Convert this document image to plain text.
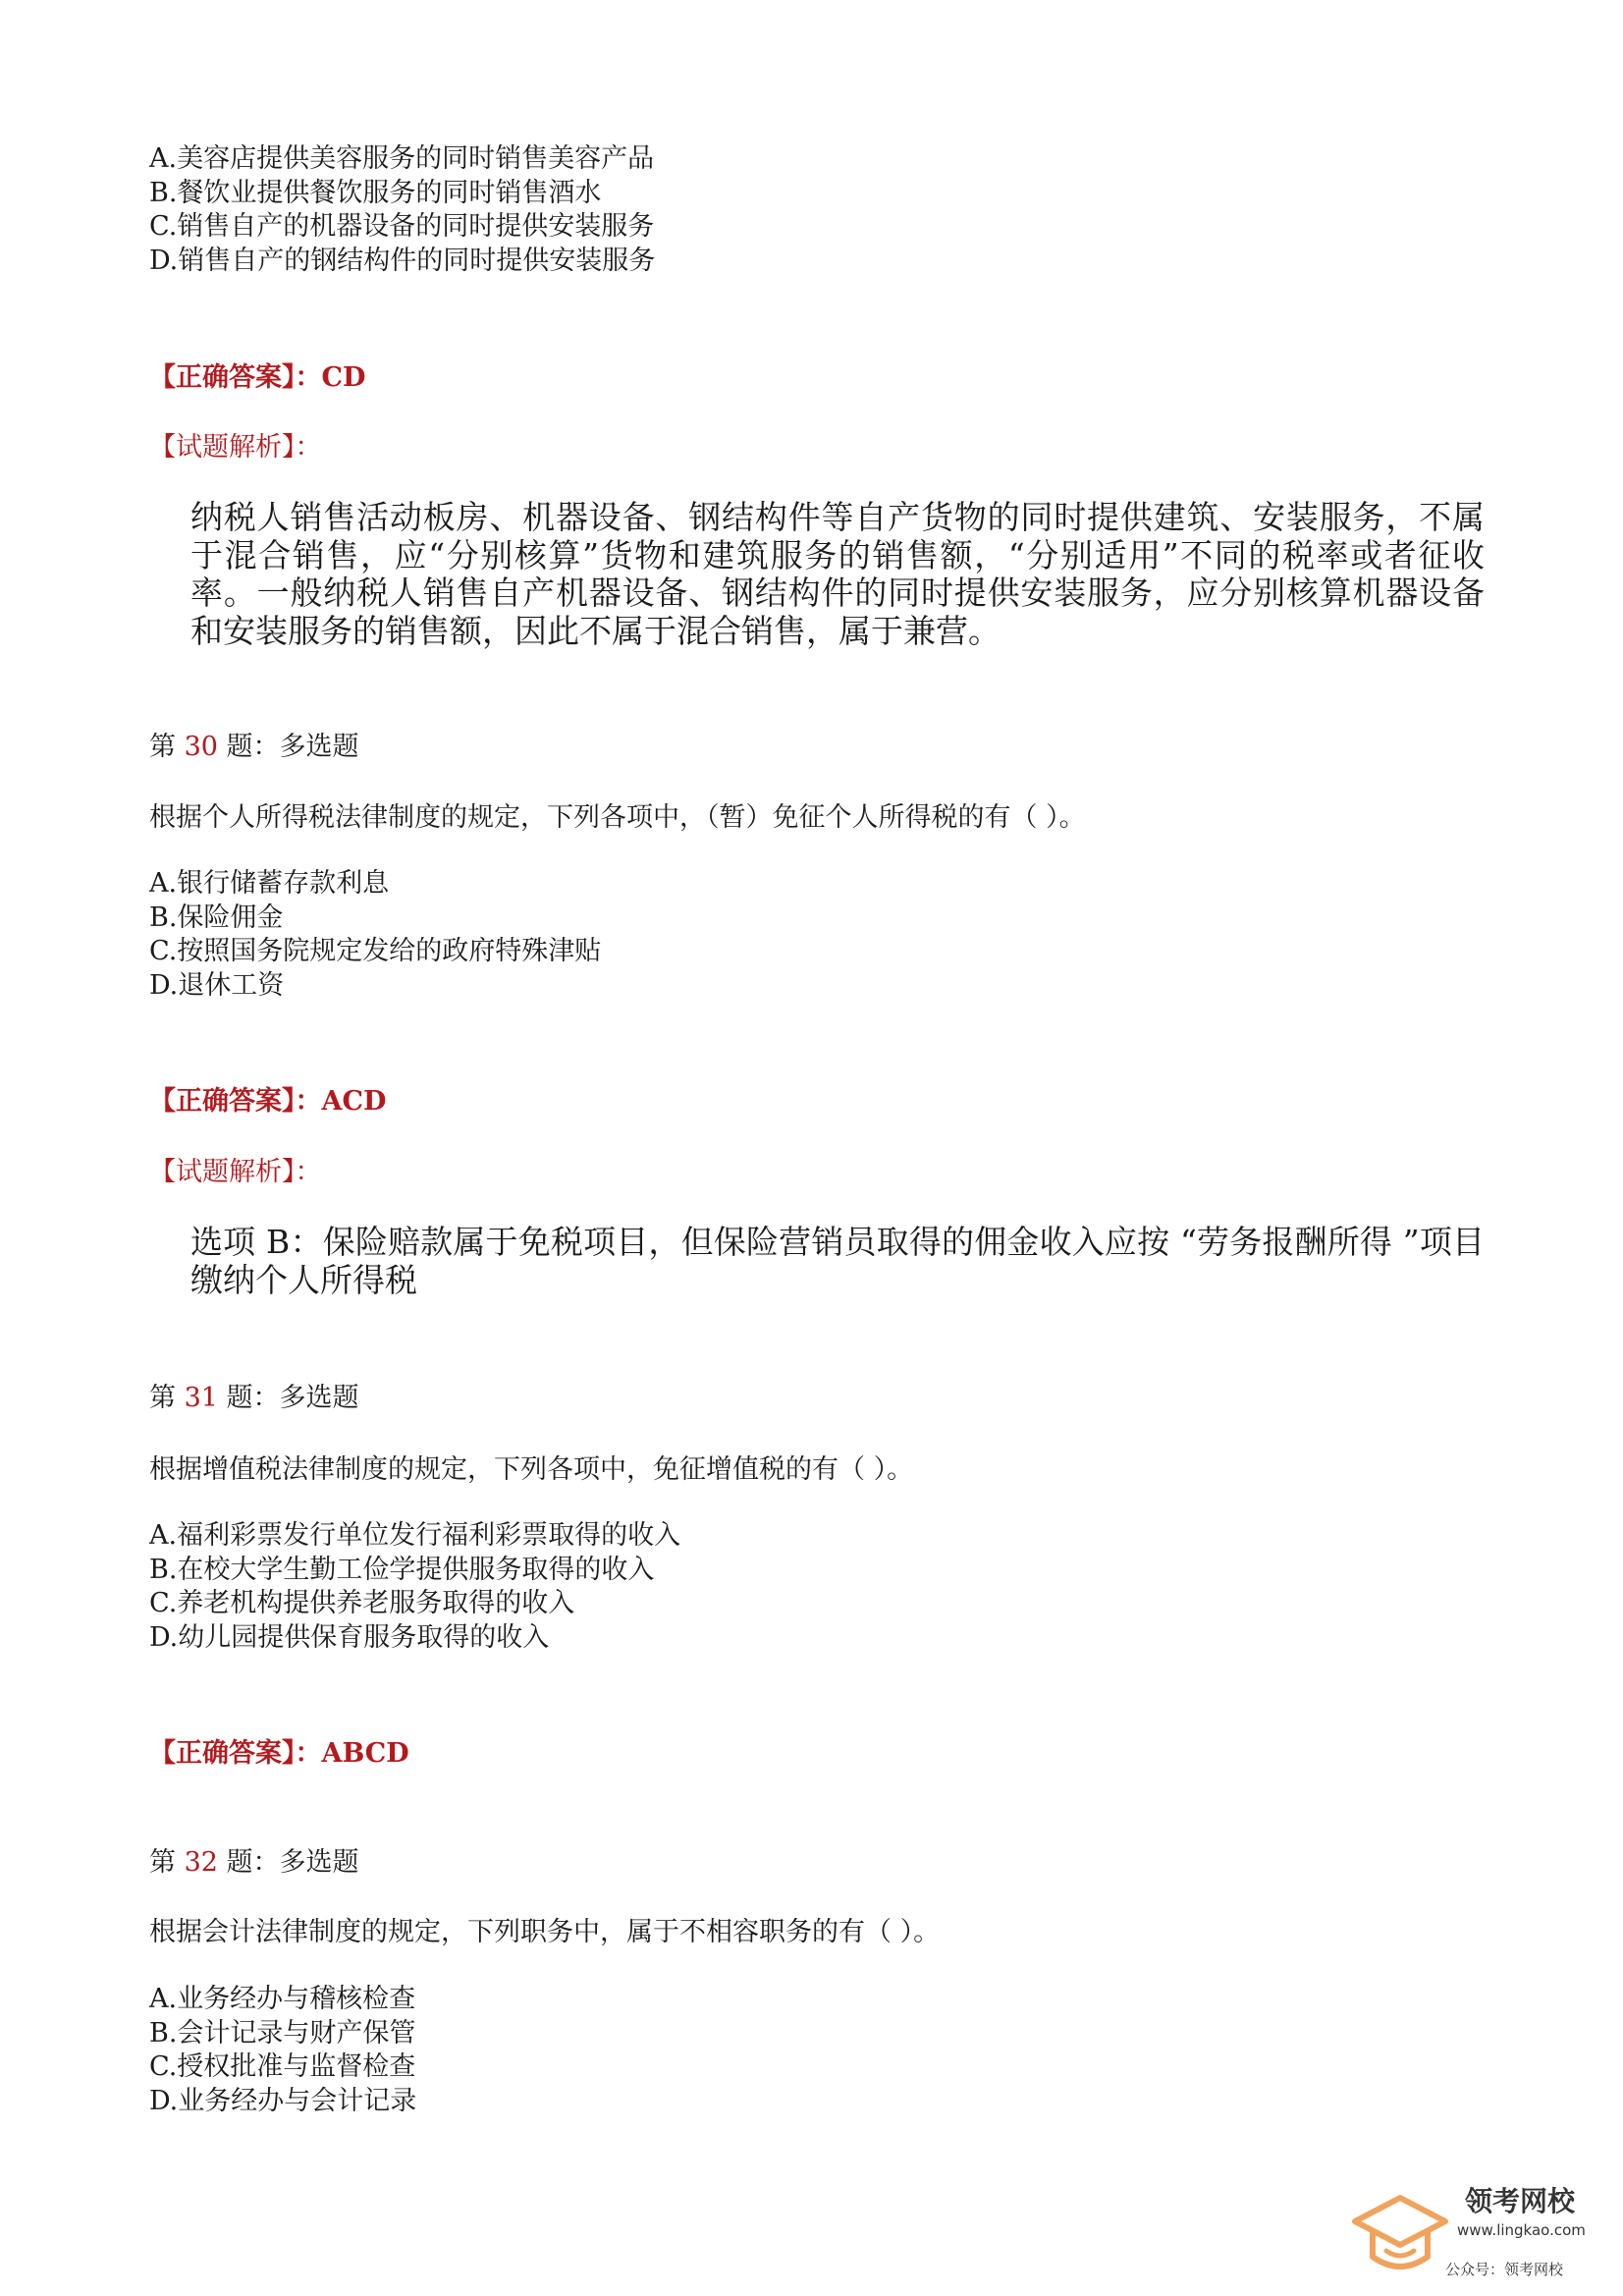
A.美容店提供美容服务的同时销售美容产品
B.餐饮业提供餐饮服务的同时销售酒水
C.销售自产的机器设备的同时提供安装服务
D.销售自产的钢结构件的同时提供安装服务

【正确答案】：CD

【试题解析】：

纳税人销售活动板房、机器设备、钢结构件等自产货物的同时提供建筑、安装服务，不属于混合销售，应“分别核算”货物和建筑服务的销售额，“分别适用”不同的税率或者征收率。一般纳税人销售自产机器设备、钢结构件的同时提供安装服务，应分别核算机器设备和安装服务的销售额，因此不属于混合销售，属于兼营。
第 30 题：多选题
根据个人所得税法律制度的规定，下列各项中，（暂）免征个人所得税的有（ ）。
A.银行储蓄存款利息
B.保险佣金
C.按照国务院规定发给的政府特殊津贴
D.退休工资

【正确答案】：ACD

【试题解析】：

选项 B：保险赔款属于免税项目，但保险营销员取得的佣金收入应按 “劳务报酬所得 ”项目缴纳个人所得税
第 31 题：多选题
根据增值税法律制度的规定，下列各项中，免征增值税的有（ ）。
A.福利彩票发行单位发行福利彩票取得的收入
B.在校大学生勤工俭学提供服务取得的收入
C.养老机构提供养老服务取得的收入
D.幼儿园提供保育服务取得的收入

【正确答案】：ABCD

第 32 题：多选题
根据会计法律制度的规定，下列职务中，属于不相容职务的有（ ）。
A.业务经办与稽核检查
B.会计记录与财产保管
C.授权批准与监督检查
D.业务经办与会计记录
领考网校
www.lingkao.com
公众号：领考网校
